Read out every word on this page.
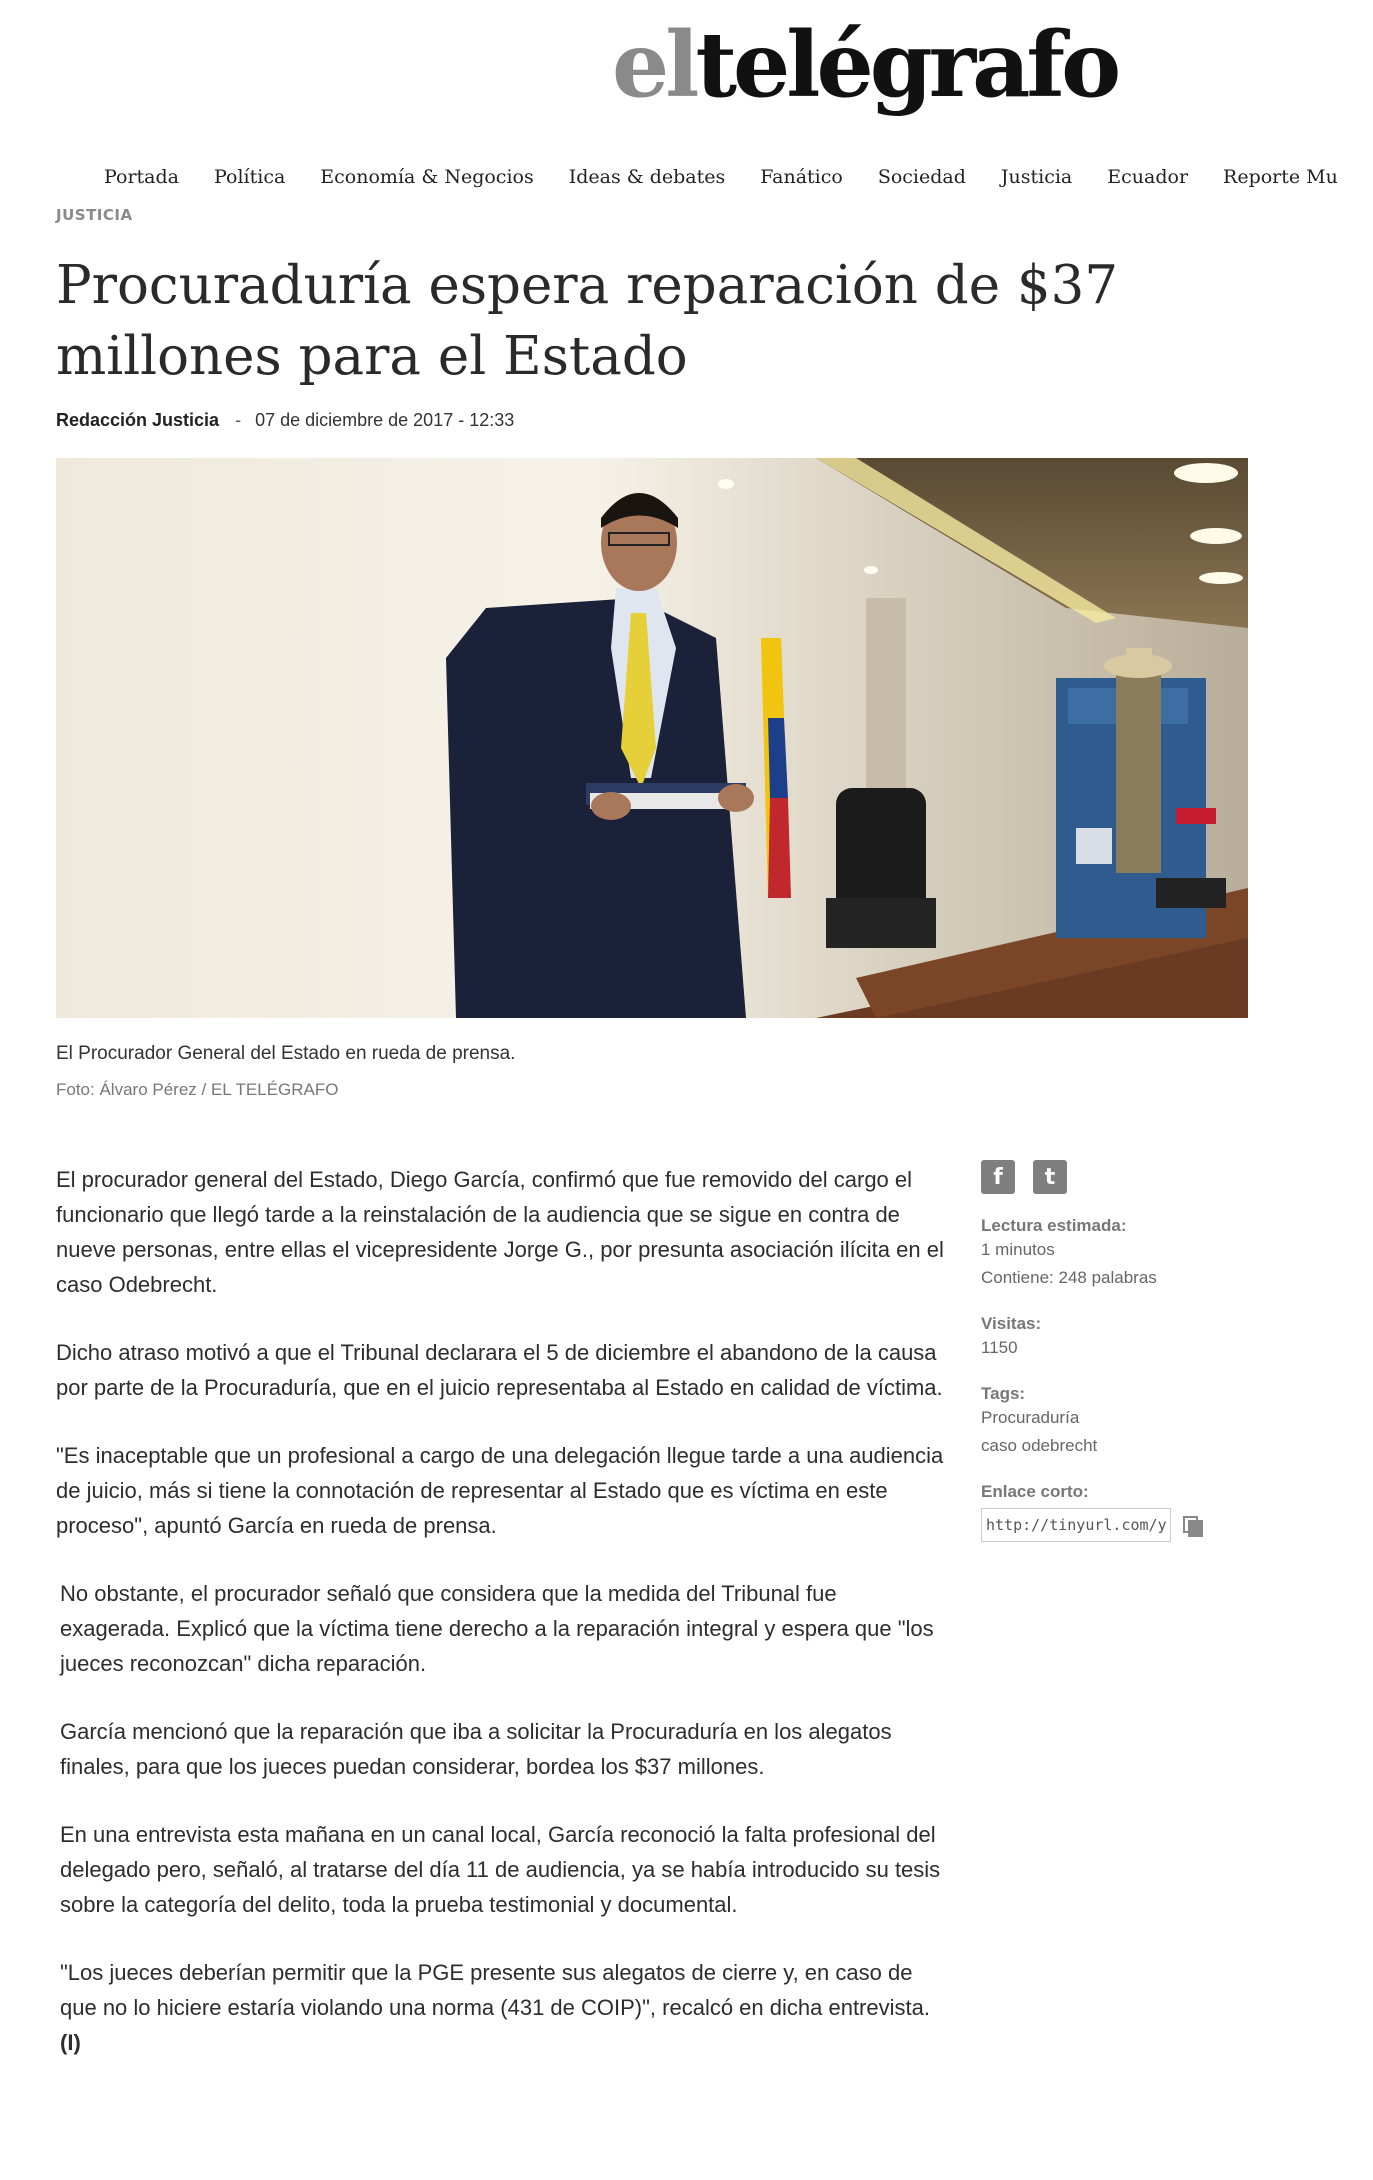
eltelégrafo
Portada Política Economía & Negocios Ideas & debates Fanático Sociedad Justicia Ecuador Reporte Mu
JUSTICIA
Procuraduría espera reparación de $37 millones para el Estado
Redacción Justicia - 07 de diciembre de 2017 - 12:33
El Procurador General del Estado en rueda de prensa.
Foto: Álvaro Pérez / EL TELÉGRAFO

El procurador general del Estado, Diego García, confirmó que fue removido del cargo el funcionario que llegó tarde a la reinstalación de la audiencia que se sigue en contra de nueve personas, entre ellas el vicepresidente Jorge G., por presunta asociación ilícita en el caso Odebrecht.

Dicho atraso motivó a que el Tribunal declarara el 5 de diciembre el abandono de la causa por parte de la Procuraduría, que en el juicio representaba al Estado en calidad de víctima.

"Es inaceptable que un profesional a cargo de una delegación llegue tarde a una audiencia de juicio, más si tiene la connotación de representar al Estado que es víctima en este proceso", apuntó García en rueda de prensa.

No obstante, el procurador señaló que considera que la medida del Tribunal fue exagerada. Explicó que la víctima tiene derecho a la reparación integral y espera que "los jueces reconozcan" dicha reparación.

García mencionó que la reparación que iba a solicitar la Procuraduría en los alegatos finales, para que los jueces puedan considerar, bordea los $37 millones.

En una entrevista esta mañana en un canal local, García reconoció la falta profesional del delegado pero, señaló, al tratarse del día 11 de audiencia, ya se había introducido su tesis sobre la categoría del delito, toda la prueba testimonial y documental.

"Los jueces deberían permitir que la PGE presente sus alegatos de cierre y, en caso de que no lo hiciere estaría violando una norma (431 de COIP)", recalcó en dicha entrevista. (I)

f	t
Lectura estimada:
1 minutos
Contiene: 248 palabras
Visitas:
1150
Tags:
Procuraduría
caso odebrecht
Enlace corto:
http://tinyurl.com/y9jv
